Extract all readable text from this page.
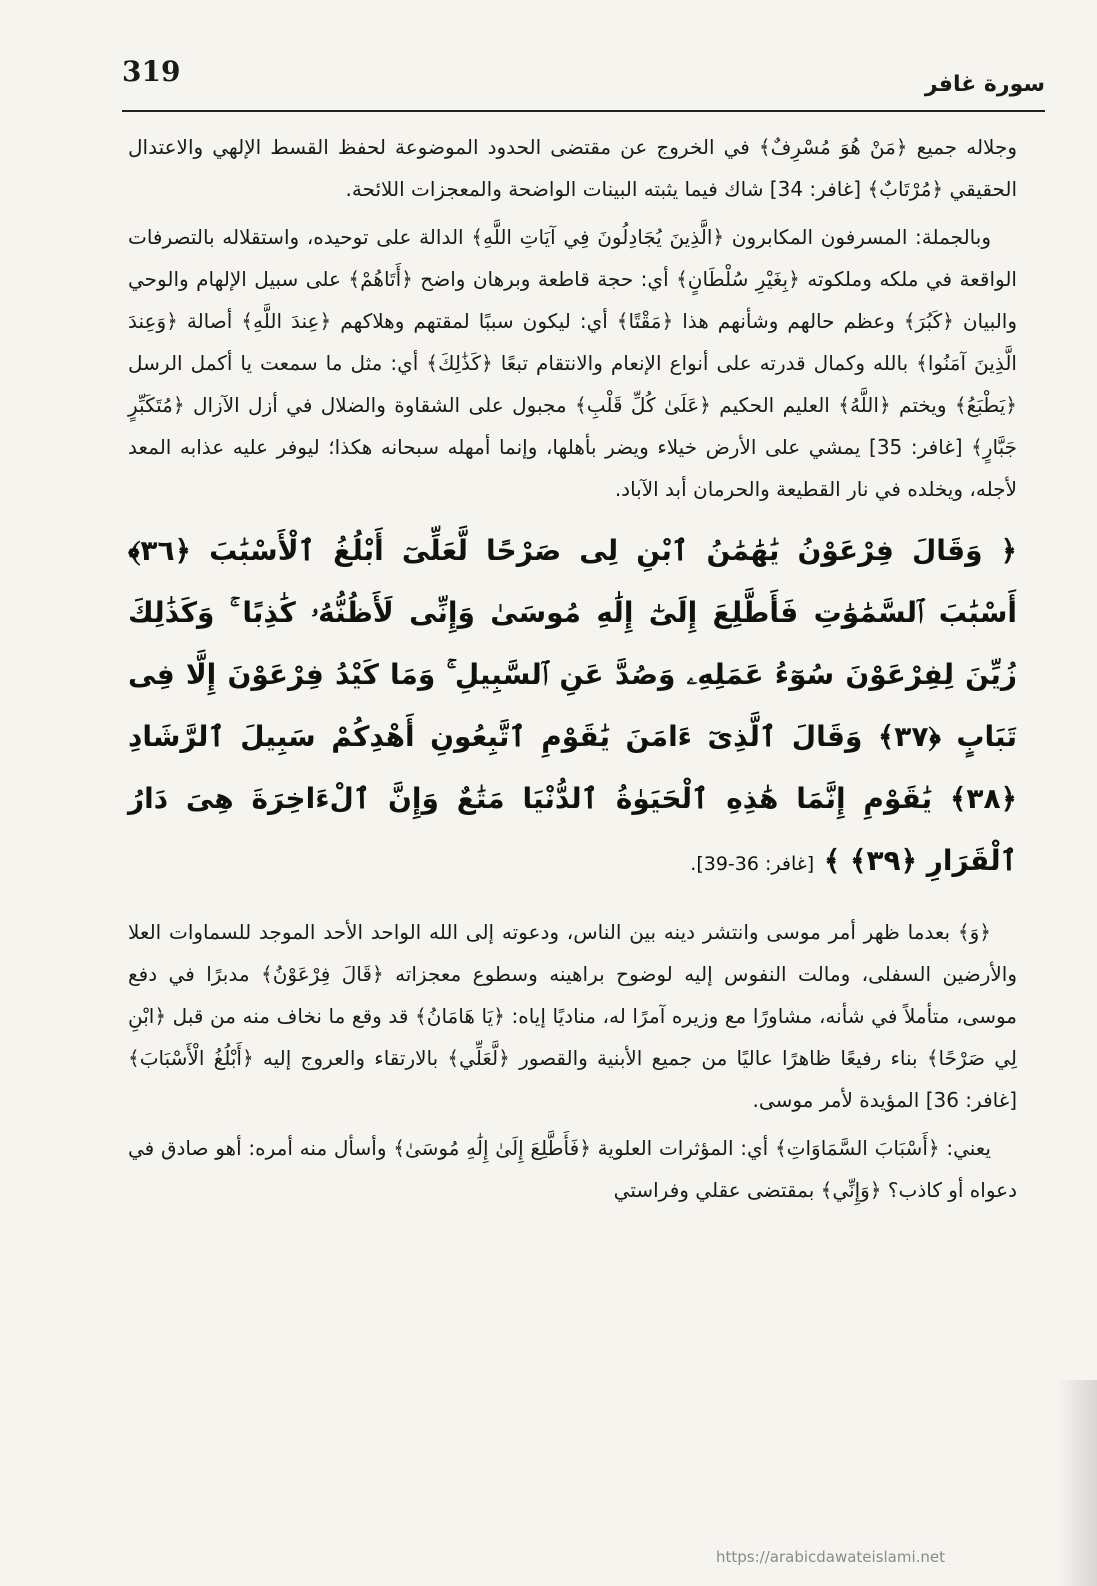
319	سورة غافر

وجلاله جميع ﴿مَنْ هُوَ مُسْرِفٌ﴾ في الخروج عن مقتضى الحدود الموضوعة لحفظ القسط الإلهي والاعتدال الحقيقي ﴿مُرْتَابٌ﴾ [غافر: 34] شاك فيما يثبته البينات الواضحة والمعجزات اللائحة.

وبالجملة: المسرفون المكابرون ﴿الَّذِينَ يُجَادِلُونَ فِي آيَاتِ اللَّهِ﴾ الدالة على توحيده، واستقلاله بالتصرفات الواقعة في ملكه وملكوته ﴿بِغَيْرِ سُلْطَانٍ﴾ أي: حجة قاطعة وبرهان واضح ﴿أَتَاهُمْ﴾ على سبيل الإلهام والوحي والبيان ﴿كَبُرَ﴾ وعظم حالهم وشأنهم هذا ﴿مَقْتًا﴾ أي: ليكون سببًا لمقتهم وهلاكهم ﴿عِندَ اللَّهِ﴾ أصالة ﴿وَعِندَ الَّذِينَ آمَنُوا﴾ بالله وكمال قدرته على أنواع الإنعام والانتقام تبعًا ﴿كَذَٰلِكَ﴾ أي: مثل ما سمعت يا أكمل الرسل ﴿يَطْبَعُ﴾ ويختم ﴿اللَّهُ﴾ العليم الحكيم ﴿عَلَىٰ كُلِّ قَلْبِ﴾ مجبول على الشقاوة والضلال في أزل الآزال ﴿مُتَكَبِّرٍ جَبَّارٍ﴾ [غافر: 35] يمشي على الأرض خيلاء ويضر بأهلها، وإنما أمهله سبحانه هكذا؛ ليوفر عليه عذابه المعد لأجله، ويخلده في نار القطيعة والحرمان أبد الآباد.

﴿ وَقَالَ فِرْعَوْنُ يَٰهَٰمَٰنُ ٱبْنِ لِى صَرْحًا لَّعَلِّىٓ أَبْلُغُ ٱلْأَسْبَٰبَ ﴿٣٦﴾ أَسْبَٰبَ ٱلسَّمَٰوَٰتِ فَأَطَّلِعَ إِلَىٰٓ إِلَٰهِ مُوسَىٰ وَإِنِّى لَأَظُنُّهُۥ كَٰذِبًا ۚ وَكَذَٰلِكَ زُيِّنَ لِفِرْعَوْنَ سُوٓءُ عَمَلِهِۦ وَصُدَّ عَنِ ٱلسَّبِيلِ ۚ وَمَا كَيْدُ فِرْعَوْنَ إِلَّا فِى تَبَابٍ ﴿٣٧﴾ وَقَالَ ٱلَّذِىٓ ءَامَنَ يَٰقَوْمِ ٱتَّبِعُونِ أَهْدِكُمْ سَبِيلَ ٱلرَّشَادِ ﴿٣٨﴾ يَٰقَوْمِ إِنَّمَا هَٰذِهِ ٱلْحَيَوٰةُ ٱلدُّنْيَا مَتَٰعٌ وَإِنَّ ٱلْءَاخِرَةَ هِىَ دَارُ ٱلْقَرَارِ ﴿٣٩﴾ ﴾ [غافر: 36-39].

﴿وَ﴾ بعدما ظهر أمر موسى وانتشر دينه بين الناس، ودعوته إلى الله الواحد الأحد الموجد للسماوات العلا والأرضين السفلى، ومالت النفوس إليه لوضوح براهينه وسطوع معجزاته ﴿قَالَ فِرْعَوْنُ﴾ مدبرًا في دفع موسى، متأملاً في شأنه، مشاورًا مع وزيره آمرًا له، مناديًا إياه: ﴿يَا هَامَانُ﴾ قد وقع ما نخاف منه من قبل ﴿ابْنِ لِي صَرْحًا﴾ بناء رفيعًا ظاهرًا عاليًا من جميع الأبنية والقصور ﴿لَّعَلِّي﴾ بالارتقاء والعروج إليه ﴿أَبْلُغُ الْأَسْبَابَ﴾ [غافر: 36] المؤيدة لأمر موسى.

يعني: ﴿أَسْبَابَ السَّمَاوَاتِ﴾ أي: المؤثرات العلوية ﴿فَأَطَّلِعَ إِلَىٰ إِلَٰهِ مُوسَىٰ﴾ وأسأل منه أمره: أهو صادق في دعواه أو كاذب؟ ﴿وَإِنِّي﴾ بمقتضى عقلي وفراستي

https://arabicdawateislami.net
